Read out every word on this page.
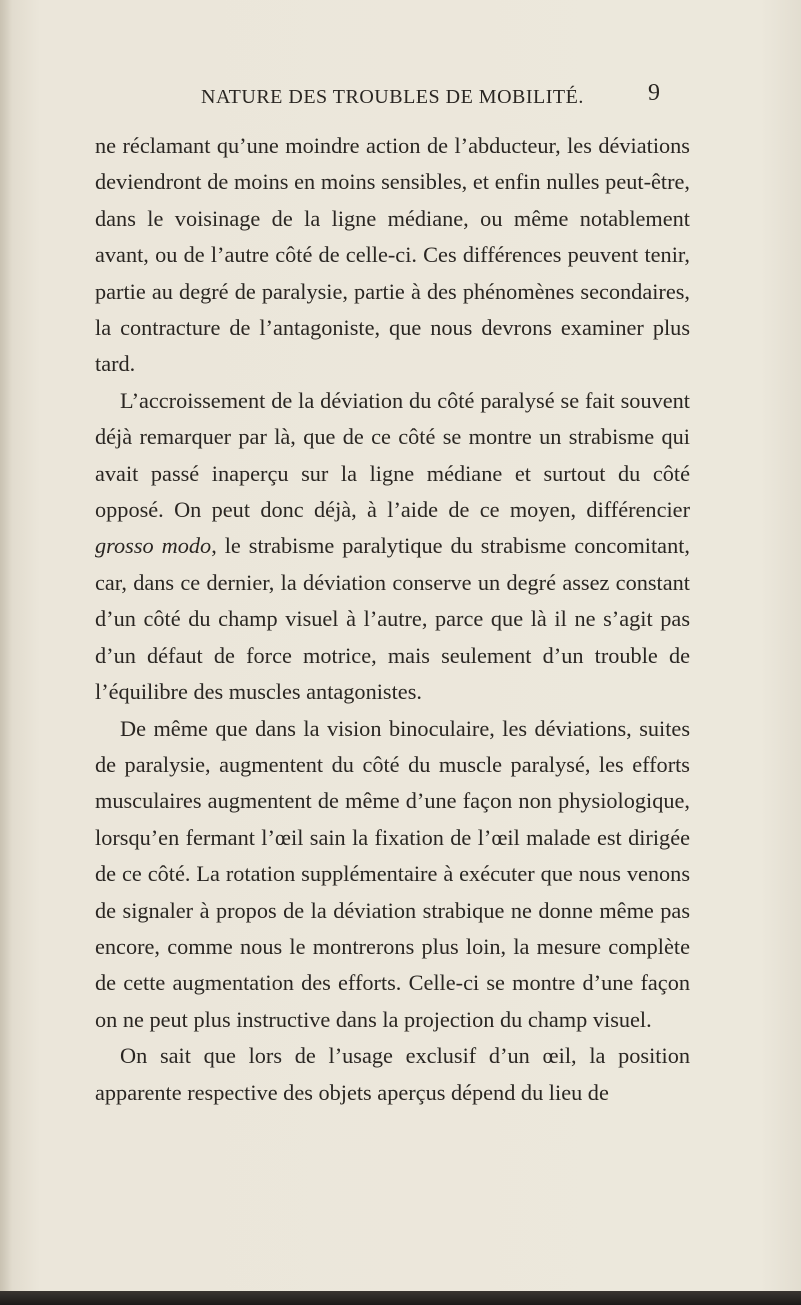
NATURE DES TROUBLES DE MOBILITÉ.	9

ne réclamant qu’une moindre action de l’abducteur, les déviations deviendront de moins en moins sensibles, et enfin nulles peut-être, dans le voisinage de la ligne médiane, ou même notablement avant, ou de l’autre côté de celle-ci. Ces différences peuvent tenir, partie au degré de paralysie, partie à des phénomènes secondaires, la contracture de l’antagoniste, que nous devrons examiner plus tard.

L’accroissement de la déviation du côté paralysé se fait souvent déjà remarquer par là, que de ce côté se montre un strabisme qui avait passé inaperçu sur la ligne médiane et surtout du côté opposé. On peut donc déjà, à l’aide de ce moyen, différencier grosso modo, le strabisme paralytique du strabisme concomitant, car, dans ce dernier, la déviation conserve un degré assez constant d’un côté du champ visuel à l’autre, parce que là il ne s’agit pas d’un défaut de force motrice, mais seulement d’un trouble de l’équilibre des muscles antagonistes.

De même que dans la vision binoculaire, les déviations, suites de paralysie, augmentent du côté du muscle paralysé, les efforts musculaires augmentent de même d’une façon non physiologique, lorsqu’en fermant l’œil sain la fixation de l’œil malade est dirigée de ce côté. La rotation supplémentaire à exécuter que nous venons de signaler à propos de la déviation strabique ne donne même pas encore, comme nous le montrerons plus loin, la mesure complète de cette augmentation des efforts. Celle-ci se montre d’une façon on ne peut plus instructive dans la projection du champ visuel.

On sait que lors de l’usage exclusif d’un œil, la position apparente respective des objets aperçus dépend du lieu de
